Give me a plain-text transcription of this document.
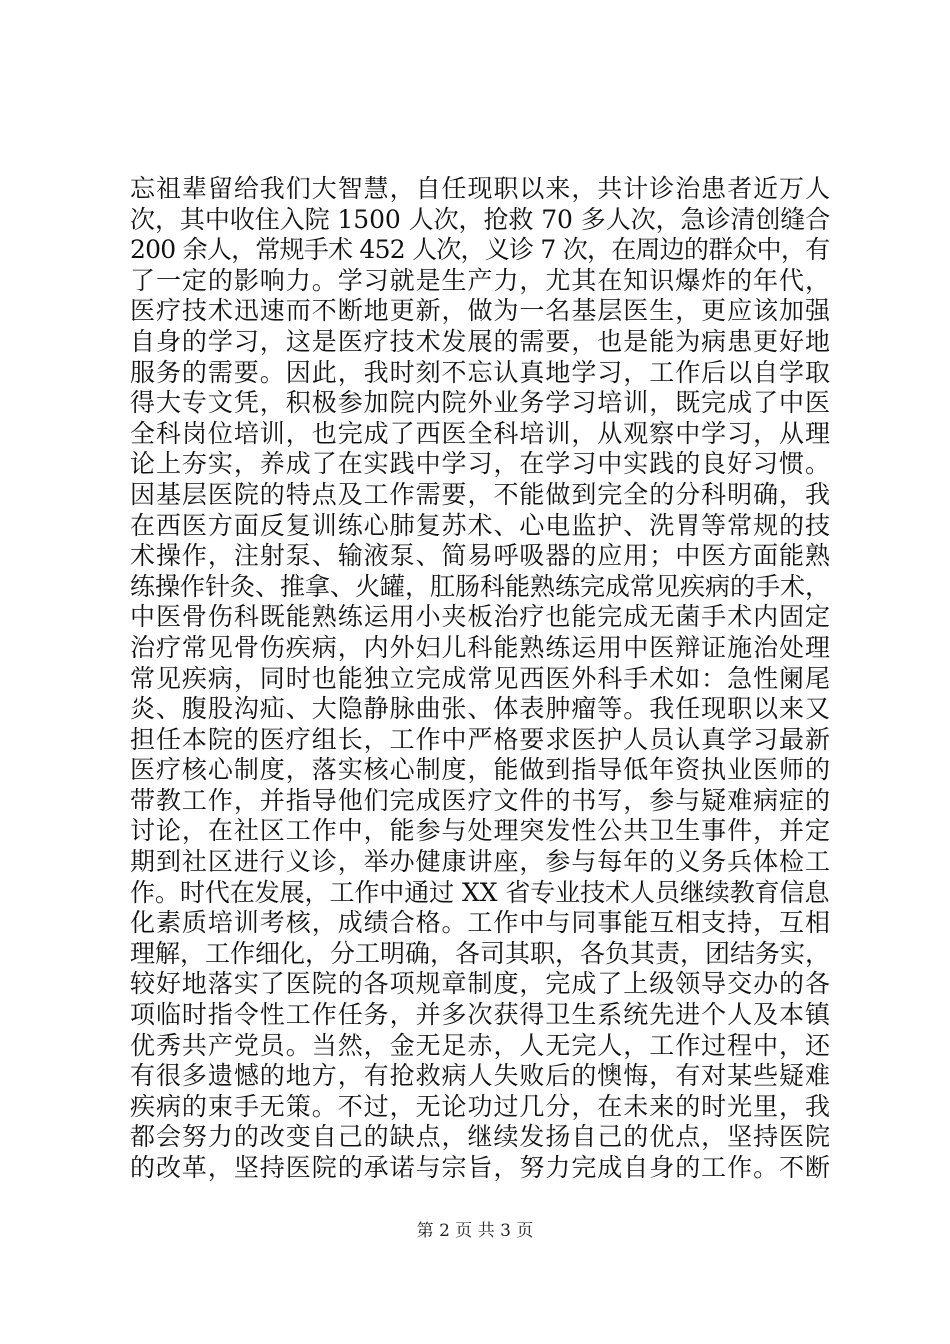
忘祖辈留给我们大智慧，自任现职以来，共计诊治患者近万人
次，其中收住入院 1500 人次，抢救 70 多人次，急诊清创缝合
200 余人，常规手术 452 人次，义诊 7 次，在周边的群众中，有
了一定的影响力。学习就是生产力，尤其在知识爆炸的年代，
医疗技术迅速而不断地更新，做为一名基层医生，更应该加强
自身的学习，这是医疗技术发展的需要，也是能为病患更好地
服务的需要。因此，我时刻不忘认真地学习，工作后以自学取
得大专文凭，积极参加院内院外业务学习培训，既完成了中医
全科岗位培训，也完成了西医全科培训，从观察中学习，从理
论上夯实，养成了在实践中学习，在学习中实践的良好习惯。
因基层医院的特点及工作需要，不能做到完全的分科明确，我
在西医方面反复训练心肺复苏术、心电监护、洗胃等常规的技
术操作，注射泵、输液泵、简易呼吸器的应用；中医方面能熟
练操作针灸、推拿、火罐，肛肠科能熟练完成常见疾病的手术，
中医骨伤科既能熟练运用小夹板治疗也能完成无菌手术内固定
治疗常见骨伤疾病，内外妇儿科能熟练运用中医辩证施治处理
常见疾病，同时也能独立完成常见西医外科手术如：急性阑尾
炎、腹股沟疝、大隐静脉曲张、体表肿瘤等。我任现职以来又
担任本院的医疗组长，工作中严格要求医护人员认真学习最新
医疗核心制度，落实核心制度，能做到指导低年资执业医师的
带教工作，并指导他们完成医疗文件的书写，参与疑难病症的
讨论，在社区工作中，能参与处理突发性公共卫生事件，并定
期到社区进行义诊，举办健康讲座，参与每年的义务兵体检工
作。时代在发展，工作中通过 XX 省专业技术人员继续教育信息
化素质培训考核，成绩合格。工作中与同事能互相支持，互相
理解，工作细化，分工明确，各司其职，各负其责，团结务实，
较好地落实了医院的各项规章制度，完成了上级领导交办的各
项临时指令性工作任务，并多次获得卫生系统先进个人及本镇
优秀共产党员。当然，金无足赤，人无完人，工作过程中，还
有很多遗憾的地方，有抢救病人失败后的懊悔，有对某些疑难
疾病的束手无策。不过，无论功过几分，在未来的时光里，我
都会努力的改变自己的缺点，继续发扬自己的优点，坚持医院
的改革，坚持医院的承诺与宗旨，努力完成自身的工作。不断
第 2 页 共 3 页
